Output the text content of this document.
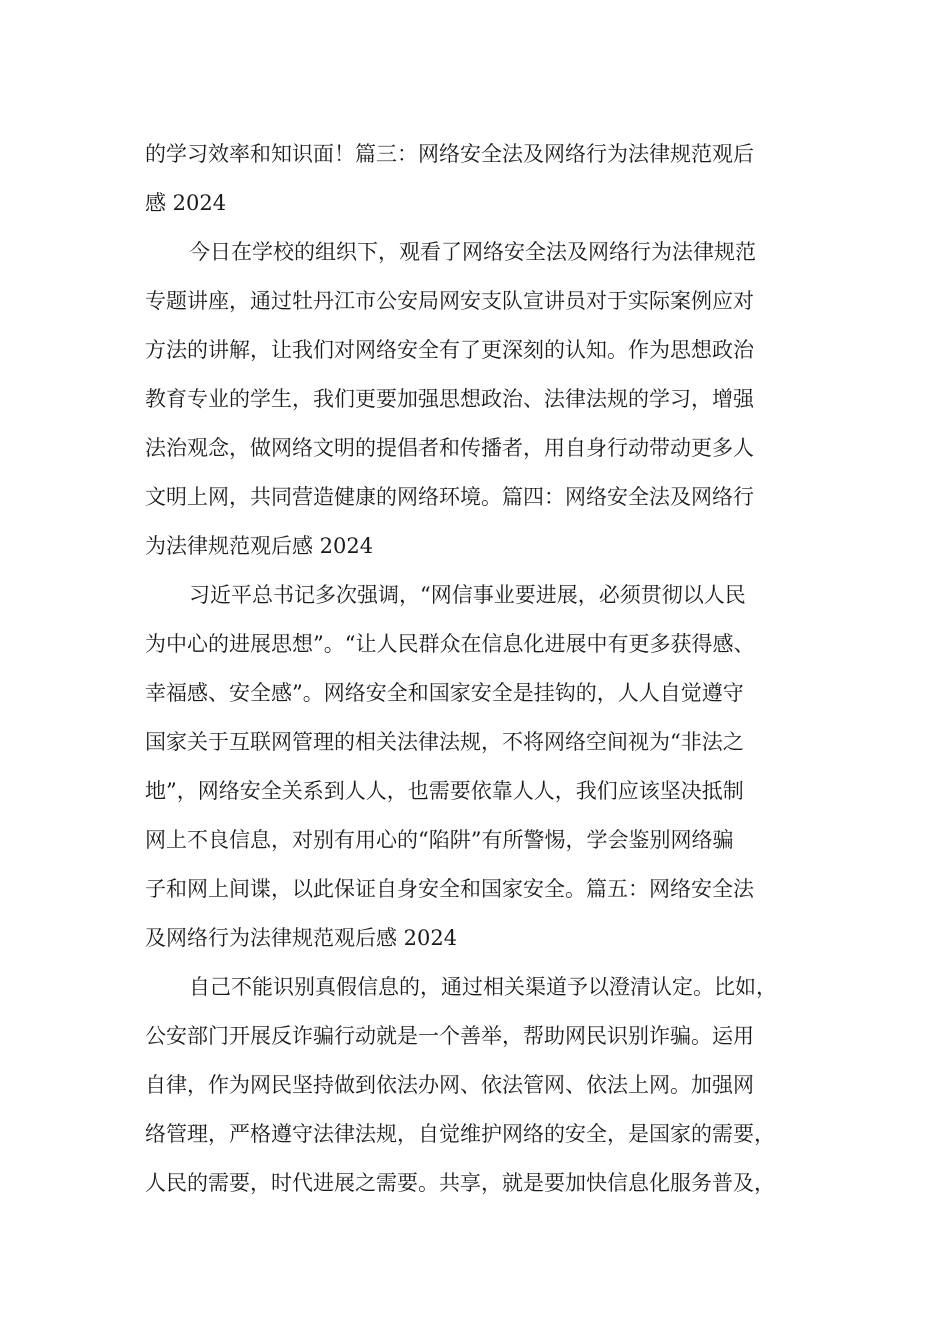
的学习效率和知识面！篇三：网络安全法及网络行为法律规范观后
感 2024
今日在学校的组织下，观看了网络安全法及网络行为法律规范
专题讲座，通过牡丹江市公安局网安支队宣讲员对于实际案例应对
方法的讲解，让我们对网络安全有了更深刻的认知。作为思想政治
教育专业的学生，我们更要加强思想政治、法律法规的学习，增强
法治观念，做网络文明的提倡者和传播者，用自身行动带动更多人
文明上网，共同营造健康的网络环境。篇四：网络安全法及网络行
为法律规范观后感 2024
习近平总书记多次强调，“网信事业要进展，必须贯彻以人民
为中心的进展思想”。“让人民群众在信息化进展中有更多获得感、
幸福感、安全感”。网络安全和国家安全是挂钩的，人人自觉遵守
国家关于互联网管理的相关法律法规，不将网络空间视为“非法之
地”，网络安全关系到人人，也需要依靠人人，我们应该坚决抵制
网上不良信息，对别有用心的“陷阱”有所警惕，学会鉴别网络骗
子和网上间谍，以此保证自身安全和国家安全。篇五：网络安全法
及网络行为法律规范观后感 2024
自己不能识别真假信息的，通过相关渠道予以澄清认定。比如，
公安部门开展反诈骗行动就是一个善举，帮助网民识别诈骗。运用
自律，作为网民坚持做到依法办网、依法管网、依法上网。加强网
络管理，严格遵守法律法规，自觉维护网络的安全，是国家的需要，
人民的需要，时代进展之需要。共享，就是要加快信息化服务普及，
